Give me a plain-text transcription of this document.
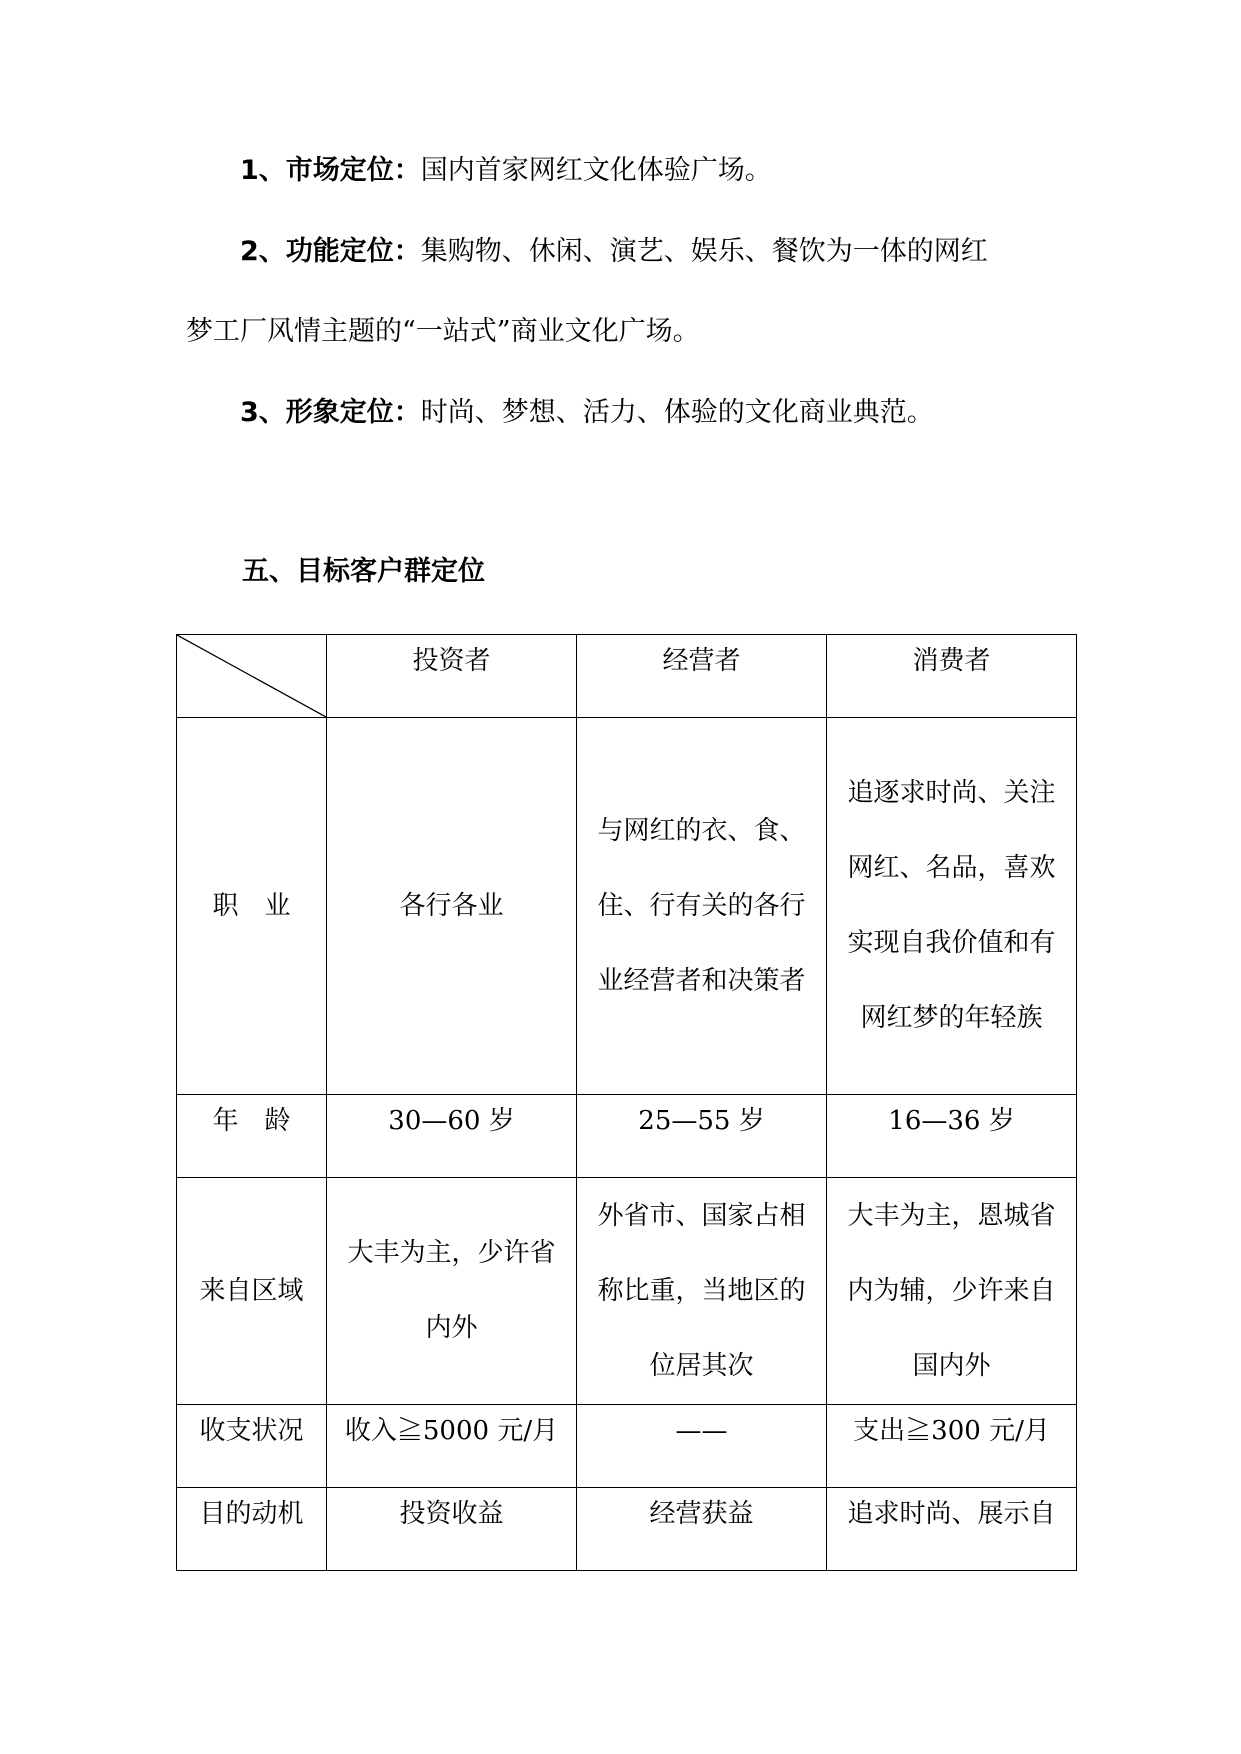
1、市场定位：国内首家网红文化体验广场。
2、功能定位：集购物、休闲、演艺、娱乐、餐饮为一体的网红
梦工厂风情主题的“一站式”商业文化广场。
3、形象定位：时尚、梦想、活力、体验的文化商业典范。
五、目标客户群定位
	投资者	经营者	消费者
职　业	各行各业	与网红的衣、食、住、行有关的各行业经营者和决策者	追逐求时尚、关注网红、名品，喜欢实现自我价值和有网红梦的年轻族
年　龄	30—60 岁	25—55 岁	16—36 岁
来自区域	大丰为主，少许省内外	外省市、国家占相称比重，当地区的位居其次	大丰为主，恩城省内为辅，少许来自国内外
收支状况	收入≧5000 元/月	——	支出≧300 元/月
目的动机	投资收益	经营获益	追求时尚、展示自
